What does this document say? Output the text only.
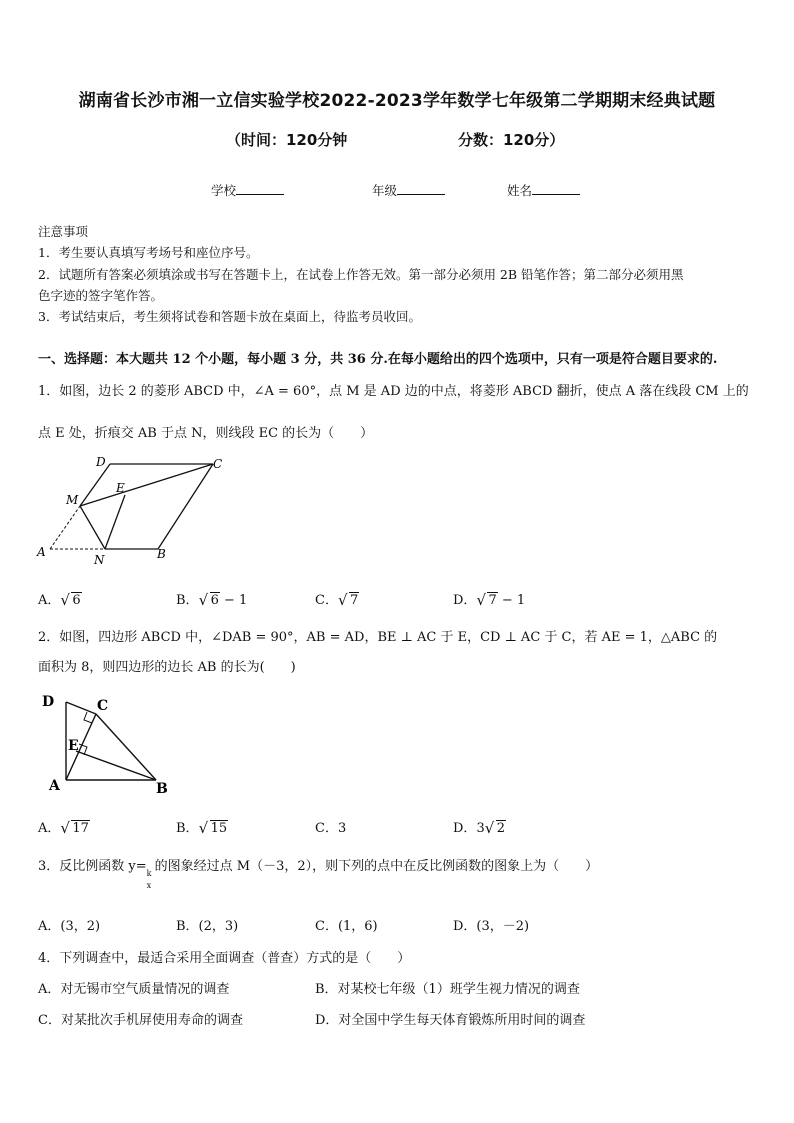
湖南省长沙市湘一立信实验学校2022-2023学年数学七年级第二学期期末经典试题
（时间：120分钟	分数：120分）
学校	年级	姓名
注意事项
1．考生要认真填写考场号和座位序号。
2．试题所有答案必须填涂或书写在答题卡上，在试卷上作答无效。第一部分必须用 2B 铅笔作答；第二部分必须用黑
色字迹的签字笔作答。
3．考试结束后，考生须将试卷和答题卡放在桌面上，待监考员收回。
一、选择题：本大题共 12 个小题，每小题 3 分，共 36 分.在每小题给出的四个选项中，只有一项是符合题目要求的.
1．如图，边长 2 的菱形 ABCD 中，∠A = 60°，点 M 是 AD 边的中点，将菱形 ABCD 翻折，使点 A 落在线段 CM 上的
点 E 处，折痕交 AB 于点 N，则线段 EC 的长为（　　）
D	C
M
E
A
N	B
A． √ 6	B． √ 6 − 1	C． √ 7	D． √ 7 − 1
2．如图，四边形 ABCD 中，∠DAB = 90°，AB = AD，BE ⊥ AC 于 E，CD ⊥ AC 于 C，若 AE = 1，△ABC 的
面积为 8，则四边形的边长 AB 的长为(　　)
D	C
E
A	B
A． √ 17	B． √ 15	C．3	D．3 √ 2
3．反比例函数 y= k
x
的图象经过点 M（－3，2），则下列的点中在反比例函数的图象上为（　　）
A．(3，2)	B．(2，3)	C．(1，6)	D．(3，－2)
4．下列调查中，最适合采用全面调查（普查）方式的是（　　）
A．对无锡市空气质量情况的调查	B．对某校七年级（1）班学生视力情况的调查
C．对某批次手机屏使用寿命的调查	D．对全国中学生每天体育锻炼所用时间的调查
